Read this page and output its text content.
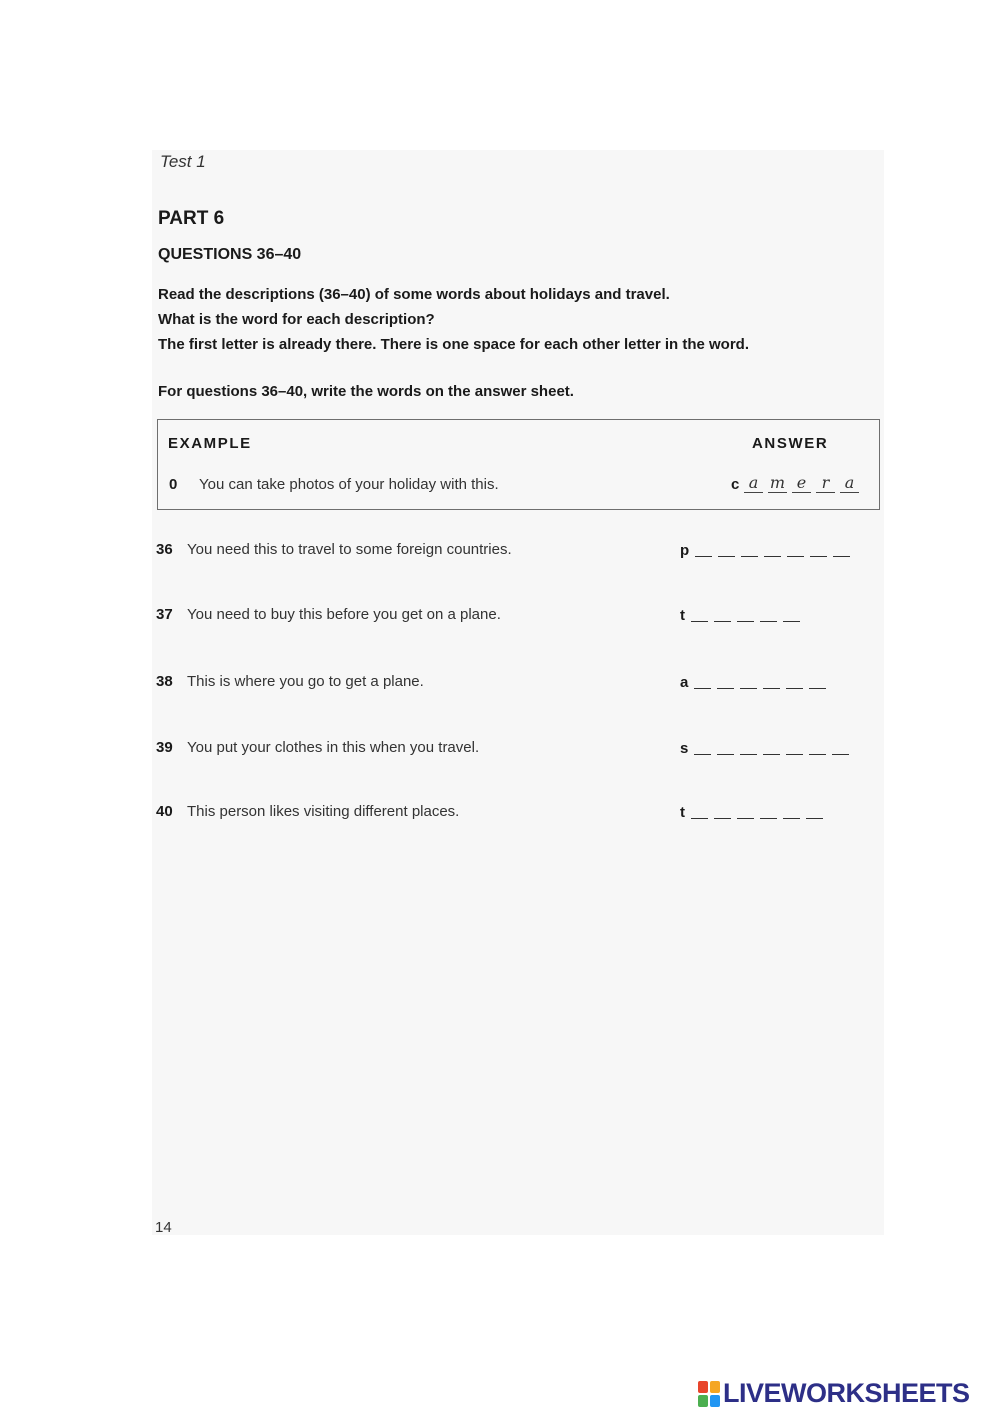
Test 1
PART 6
QUESTIONS 36–40
Read the descriptions (36–40) of some words about holidays and travel.
What is the word for each description?
The first letter is already there. There is one space for each other letter in the word.
For questions 36–40, write the words on the answer sheet.
EXAMPLE	ANSWER
0 You can take photos of your holiday with this.	c a m e r a
36 You need this to travel to some foreign countries.	p
37 You need to buy this before you get on a plane.	t
38 This is where you go to get a plane.	a
39 You put your clothes in this when you travel.	s
40 This person likes visiting different places.	t
14
LIVEWORKSHEETS
